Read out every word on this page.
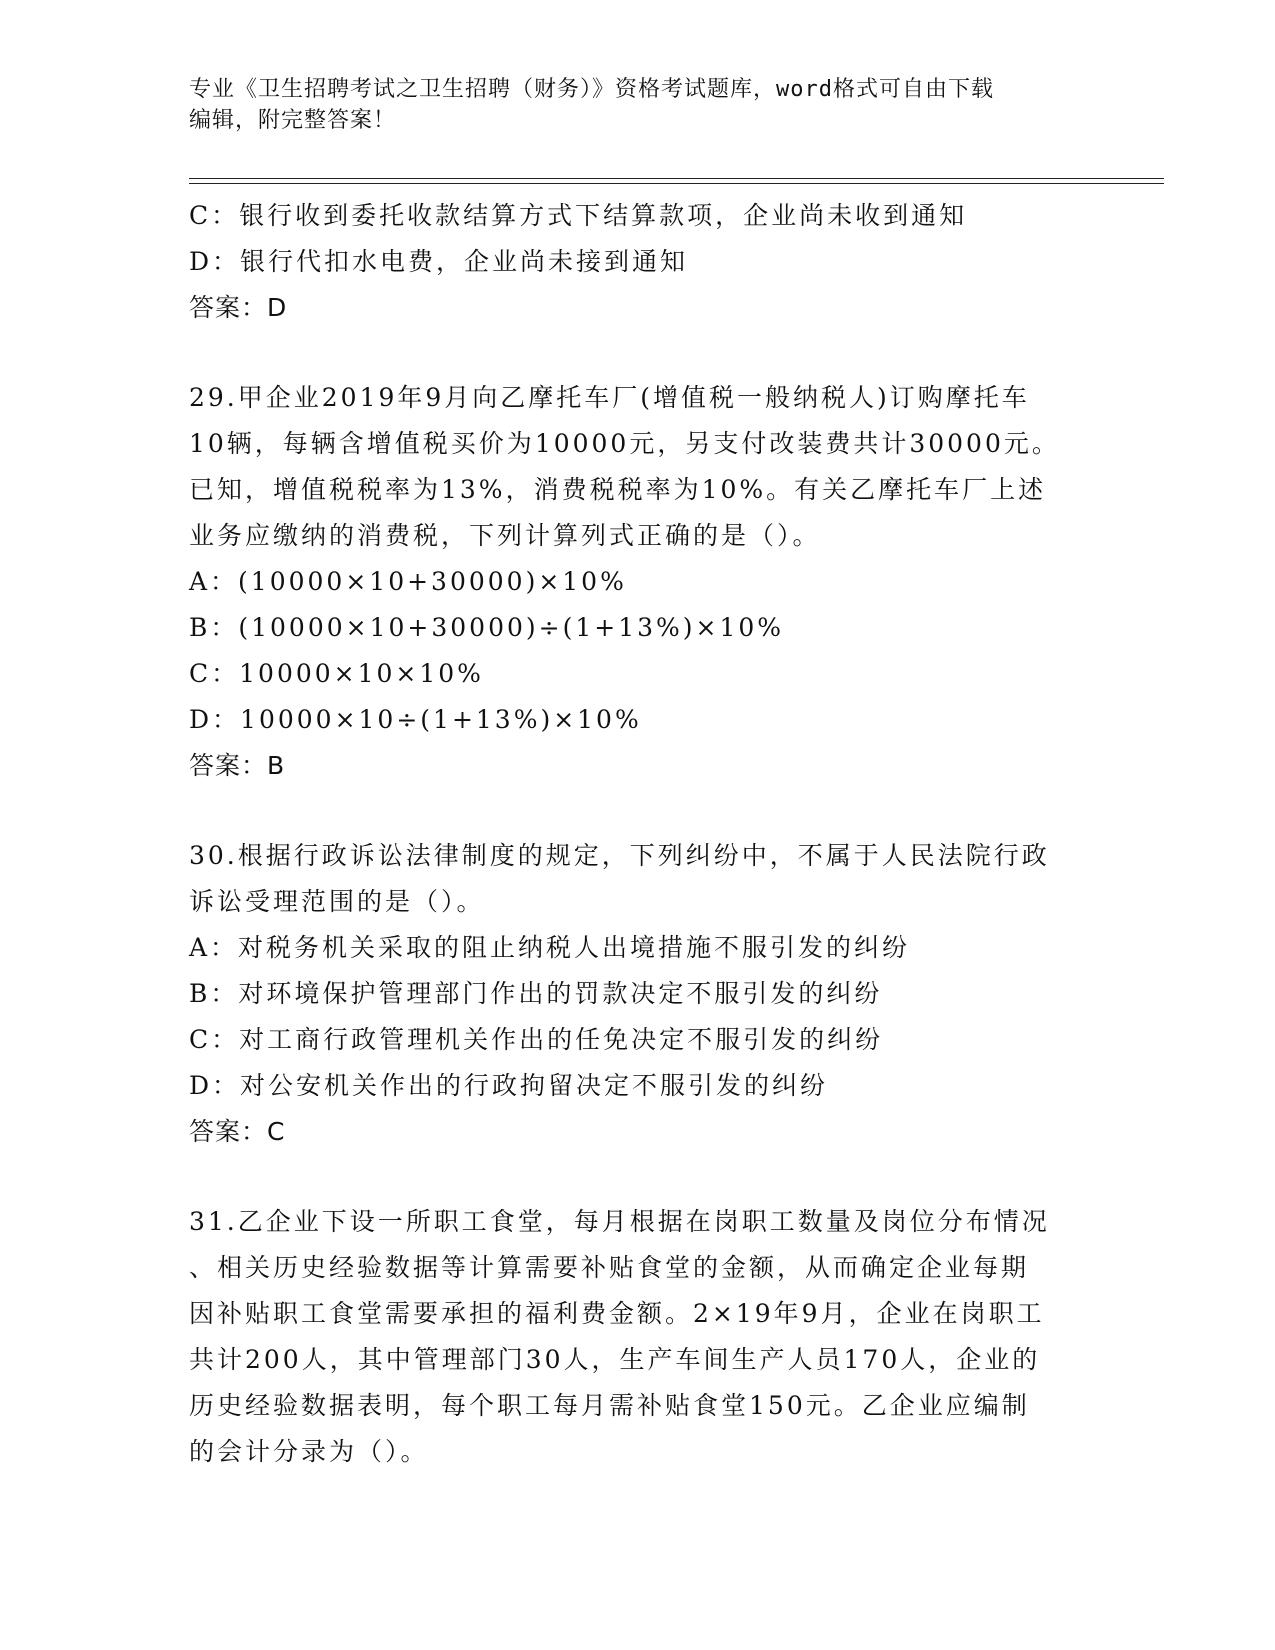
专业《卫生招聘考试之卫生招聘（财务）》资格考试题库，word格式可自由下载
编辑，附完整答案！
C：银行收到委托收款结算方式下结算款项，企业尚未收到通知
D：银行代扣水电费，企业尚未接到通知
答案：D
29.甲企业2019年9月向乙摩托车厂(增值税一般纳税人)订购摩托车
10辆，每辆含增值税买价为10000元，另支付改装费共计30000元。
已知，增值税税率为13%，消费税税率为10%。有关乙摩托车厂上述
业务应缴纳的消费税，下列计算列式正确的是（）。
A：(10000×10+30000)×10%
B：(10000×10+30000)÷(1+13%)×10%
C：10000×10×10%
D：10000×10÷(1+13%)×10%
答案：B
30.根据行政诉讼法律制度的规定，下列纠纷中，不属于人民法院行政
诉讼受理范围的是（）。
A：对税务机关采取的阻止纳税人出境措施不服引发的纠纷
B：对环境保护管理部门作出的罚款决定不服引发的纠纷
C：对工商行政管理机关作出的任免决定不服引发的纠纷
D：对公安机关作出的行政拘留决定不服引发的纠纷
答案：C
31.乙企业下设一所职工食堂，每月根据在岗职工数量及岗位分布情况
、相关历史经验数据等计算需要补贴食堂的金额，从而确定企业每期
因补贴职工食堂需要承担的福利费金额。2×19年9月，企业在岗职工
共计200人，其中管理部门30人，生产车间生产人员170人，企业的
历史经验数据表明，每个职工每月需补贴食堂150元。乙企业应编制
的会计分录为（）。
